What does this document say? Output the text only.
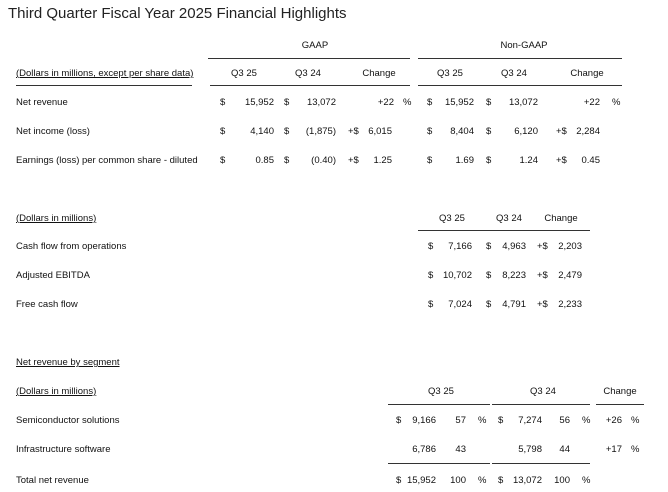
Third Quarter Fiscal Year 2025 Financial Highlights
GAAP	Non-GAAP
(Dollars in millions, except per share data)	Q3 25	Q3 24	Change	Q3 25	Q3 24	Change
Net revenue	$	15,952 $	13,072	+22 % $	15,952 $	13,072	+22 %
Net income (loss)	$	4,140 $	(1,875) +$ 6,015	$	8,404 $	6,120 +$ 2,284
Earnings (loss) per common share - diluted $	0.85 $	(0.40) +$	1.25	$	1.69 $	1.24 +$	0.45
(Dollars in millions)	Q3 25	Q3 24	Change
Cash flow from operations	$	7,166 $	4,963 +$	2,203
Adjusted EBITDA	$	10,702 $	8,223 +$	2,479
Free cash flow	$	7,024 $	4,791 +$	2,233
Net revenue by segment
(Dollars in millions)	Q3 25	Q3 24	Change
Semiconductor solutions	$	9,166	57 % $	7,274	56 %	+26 %
Infrastructure software	6,786	43	5,798	44	+17 %
Total net revenue	$ 15,952	100 % $	13,072	100 %
